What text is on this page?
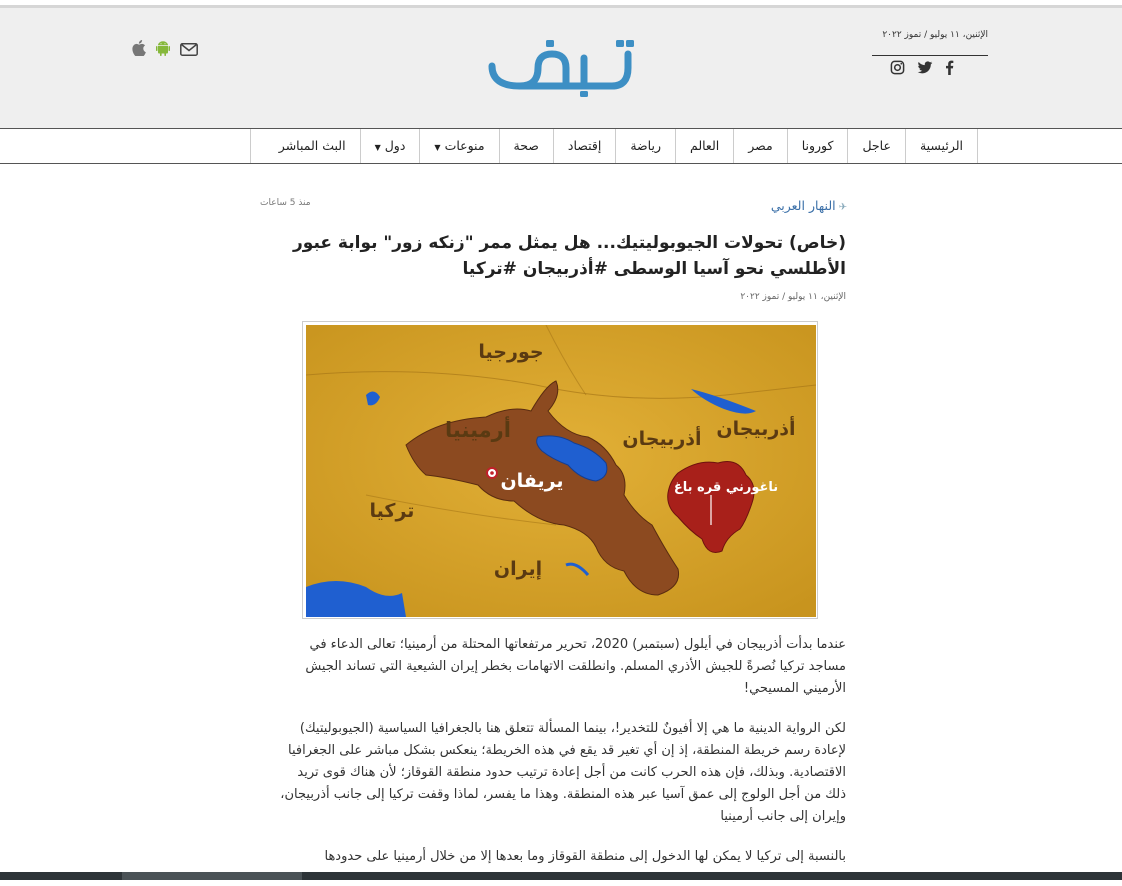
الإثنين، ١١ يوليو / تموز ٢٠٢٢
الرئيسية
عاجل
كورونا
مصر
العالم
رياضة
إقتصاد
صحة
منوعات▼
دول▼
البث المباشر
✈النهار العربي
منذ 5 ساعات
(خاص) تحولات الجيوبوليتيك... هل يمثل ممر "زنكه زور" بوابة عبور الأطلسي نحو آسيا الوسطى #أذربيجان #تركيا
الإثنين، ١١ يوليو / تموز ٢٠٢٢
جورجيا
أرمينيا	أذربيجان أذربيجان
يريفان	ناغورني قره باغ
تركيا
إيران

عندما بدأت أذربيجان في أيلول (سبتمبر) 2020، تحرير مرتفعاتها المحتلة من أرمينيا؛ تعالى الدعاء في مساجد تركيا نُصرةً للجيش الأذري المسلم. وانطلقت الاتهامات بخطر إيران الشيعية التي تساند الجيش الأرميني المسيحي!

لكن الرواية الدينية ما هي إلا أفيونٌ للتخدير!، بينما المسألة تتعلق هنا بالجغرافيا السياسية (الجيوبوليتيك) لإعادة رسم خريطة المنطقة، إذ إن أي تغير قد يقع في هذه الخريطة؛ ينعكس بشكل مباشر على الجغرافيا الاقتصادية. وبذلك، فإن هذه الحرب كانت من أجل إعادة ترتيب حدود منطقة القوقاز؛ لأن هناك قوى تريد ذلك من أجل الولوج إلى عمق آسيا عبر هذه المنطقة. وهذا ما يفسر، لماذا وقفت تركيا إلى جانب أذربيجان، وإيران إلى جانب أرمينيا

بالنسبة إلى تركيا لا يمكن لها الدخول إلى منطقة القوقاز وما بعدها إلا من خلال أرمينيا على حدودها
